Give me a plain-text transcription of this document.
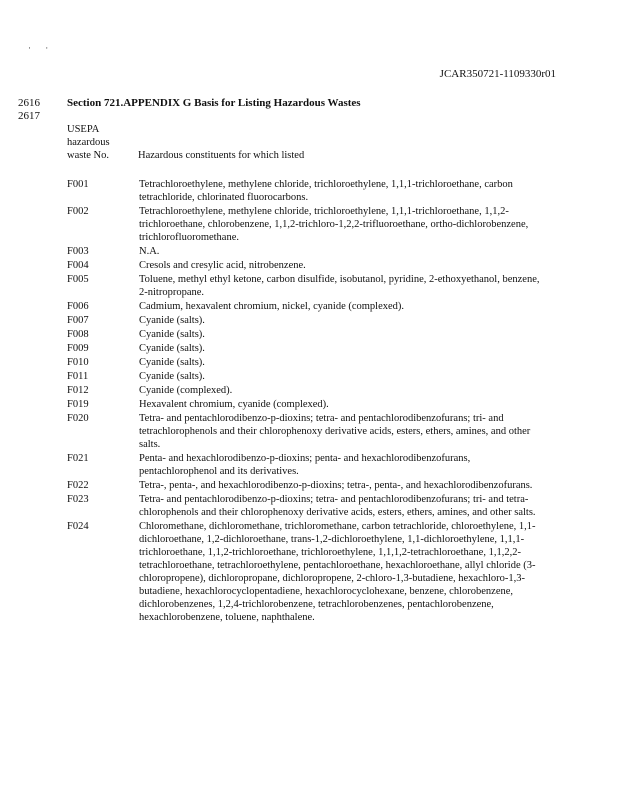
· ·
JCAR350721-1109330r01
2616
2617
Section 721.APPENDIX G Basis for Listing Hazardous Wastes
USEPA
hazardous
waste No.	Hazardous constituents for which listed
F001	Tetrachloroethylene, methylene chloride, trichloroethylene, 1,1,1-trichloroethane, carbon tetrachloride, chlorinated fluorocarbons.
F002	Tetrachloroethylene, methylene chloride, trichloroethylene, 1,1,1-trichloroethane, 1,1,2-trichloroethane, chlorobenzene, 1,1,2-trichloro-1,2,2-trifluoroethane, ortho-dichlorobenzene, trichlorofluoromethane.
F003	N.A.
F004	Cresols and cresylic acid, nitrobenzene.
F005	Toluene, methyl ethyl ketone, carbon disulfide, isobutanol, pyridine, 2-ethoxyethanol, benzene, 2-nitropropane.
F006	Cadmium, hexavalent chromium, nickel, cyanide (complexed).
F007	Cyanide (salts).
F008	Cyanide (salts).
F009	Cyanide (salts).
F010	Cyanide (salts).
F011	Cyanide (salts).
F012	Cyanide (complexed).
F019	Hexavalent chromium, cyanide (complexed).
F020	Tetra- and pentachlorodibenzo-p-dioxins; tetra- and pentachlorodibenzofurans; tri- and tetrachlorophenols and their chlorophenoxy derivative acids, esters, ethers, amines, and other salts.
F021	Penta- and hexachlorodibenzo-p-dioxins; penta- and hexachlorodibenzofurans, pentachlorophenol and its derivatives.
F022	Tetra-, penta-, and hexachlorodibenzo-p-dioxins; tetra-, penta-, and hexachlorodibenzofurans.
F023	Tetra- and pentachlorodibenzo-p-dioxins; tetra- and pentachlorodibenzofurans; tri- and tetra- chlorophenols and their chlorophenoxy derivative acids, esters, ethers, amines, and other salts.
F024	Chloromethane, dichloromethane, trichloromethane, carbon tetrachloride, chloroethylene, 1,1-dichloroethane, 1,2-dichloroethane, trans-1,2-dichloroethylene, 1,1-dichloroethylene, 1,1,1-trichloroethane, 1,1,2-trichloroethane, trichloroethylene, 1,1,1,2-tetrachloroethane, 1,1,2,2-tetrachloroethane, tetrachloroethylene, pentachloroethane, hexachloroethane, allyl chloride (3-chloropropene), dichloropropane, dichloropropene, 2-chloro-1,3-butadiene, hexachloro-1,3-butadiene, hexachlorocyclopentadiene, hexachlorocyclohexane, benzene, chlorobenzene, dichlorobenzenes, 1,2,4-trichlorobenzene, tetrachlorobenzenes, pentachlorobenzene, hexachlorobenzene, toluene, naphthalene.
